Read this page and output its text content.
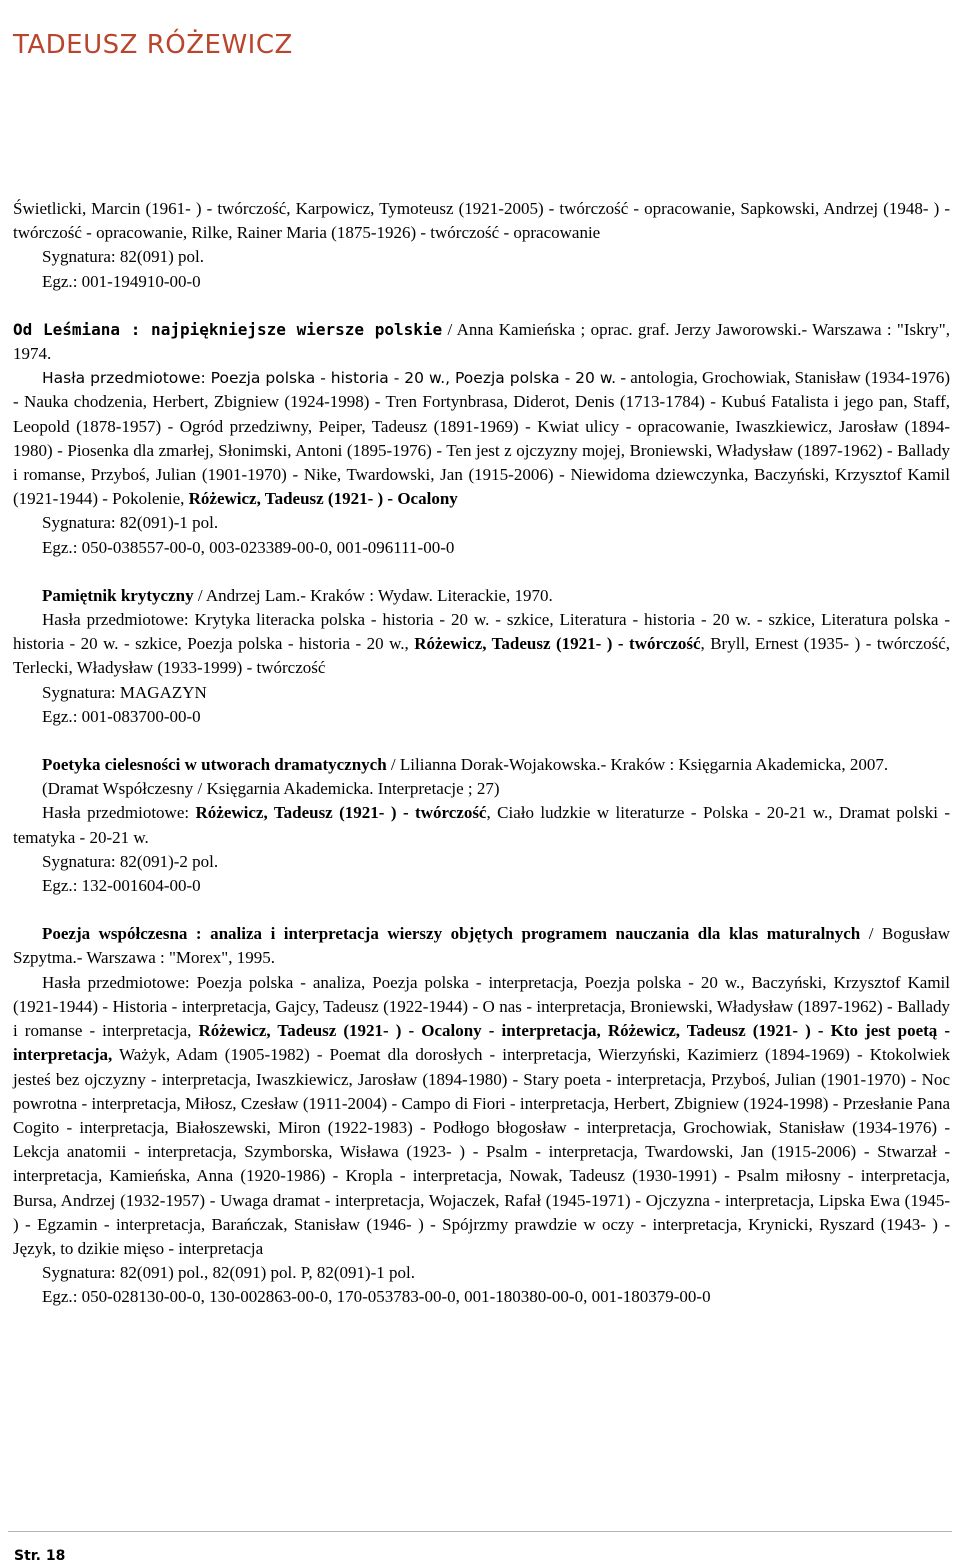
TADEUSZ RÓŻEWICZ

Świetlicki, Marcin (1961- ) - twórczość, Karpowicz, Tymoteusz (1921-2005) - twórczość - opracowanie, Sapkowski, Andrzej (1948- ) - twórczość - opracowanie, Rilke, Rainer Maria (1875-1926) - twórczość - opracowanie

Sygnatura: 82(091) pol.

Egz.: 001-194910-00-0

Od Leśmiana : najpiękniejsze wiersze polskie / Anna Kamieńska ; oprac. graf. Jerzy Jaworowski.- Warszawa : "Iskry", 1974.

Hasła przedmiotowe: Poezja polska - historia - 20 w., Poezja polska - 20 w. - antologia, Grochowiak, Stanisław (1934-1976) - Nauka chodzenia, Herbert, Zbigniew (1924-1998) - Tren Fortynbrasa, Diderot, Denis (1713-1784) - Kubuś Fatalista i jego pan, Staff, Leopold (1878-1957) - Ogród przedziwny, Peiper, Tadeusz (1891-1969) - Kwiat ulicy - opracowanie, Iwaszkiewicz, Jarosław (1894-1980) - Piosenka dla zmarłej, Słonimski, Antoni (1895-1976) - Ten jest z ojczyzny mojej, Broniewski, Władysław (1897-1962) - Ballady i romanse, Przyboś, Julian (1901-1970) - Nike, Twardowski, Jan (1915-2006) - Niewidoma dziewczynka, Baczyński, Krzysztof Kamil (1921-1944) - Pokolenie, Różewicz, Tadeusz (1921- ) - Ocalony

Sygnatura: 82(091)-1 pol.

Egz.: 050-038557-00-0, 003-023389-00-0, 001-096111-00-0

Pamiętnik krytyczny / Andrzej Lam.- Kraków : Wydaw. Literackie, 1970.

Hasła przedmiotowe: Krytyka literacka polska - historia - 20 w. - szkice, Literatura - historia - 20 w. - szkice, Literatura polska - historia - 20 w. - szkice, Poezja polska - historia - 20 w., Różewicz, Tadeusz (1921- ) - twórczość, Bryll, Ernest (1935- ) - twórczość, Terlecki, Władysław (1933-1999) - twórczość

Sygnatura: MAGAZYN

Egz.: 001-083700-00-0

Poetyka cielesności w utworach dramatycznych / Lilianna Dorak-Wojakowska.- Kraków : Księgarnia Akademicka, 2007.

(Dramat Współczesny / Księgarnia Akademicka. Interpretacje ; 27)

Hasła przedmiotowe: Różewicz, Tadeusz (1921- ) - twórczość, Ciało ludzkie w literaturze - Polska - 20-21 w., Dramat polski - tematyka - 20-21 w.

Sygnatura: 82(091)-2 pol.

Egz.: 132-001604-00-0

Poezja współczesna : analiza i interpretacja wierszy objętych programem nauczania dla klas maturalnych / Bogusław Szpytma.- Warszawa : "Morex", 1995.

Hasła przedmiotowe: Poezja polska - analiza, Poezja polska - interpretacja, Poezja polska - 20 w., Baczyński, Krzysztof Kamil (1921-1944) - Historia - interpretacja, Gajcy, Tadeusz (1922-1944) - O nas - interpretacja, Broniewski, Władysław (1897-1962) - Ballady i romanse - interpretacja, Różewicz, Tadeusz (1921- ) - Ocalony - interpretacja, Różewicz, Tadeusz (1921- ) - Kto jest poetą - interpretacja, Ważyk, Adam (1905-1982) - Poemat dla dorosłych - interpretacja, Wierzyński, Kazimierz (1894-1969) - Ktokolwiek jesteś bez ojczyzny - interpretacja, Iwaszkiewicz, Jarosław (1894-1980) - Stary poeta - interpretacja, Przyboś, Julian (1901-1970) - Noc powrotna - interpretacja, Miłosz, Czesław (1911-2004) - Campo di Fiori - interpretacja, Herbert, Zbigniew (1924-1998) - Przesłanie Pana Cogito - interpretacja, Białoszewski, Miron (1922-1983) - Podłogo błogosław - interpretacja, Grochowiak, Stanisław (1934-1976) - Lekcja anatomii - interpretacja, Szymborska, Wisława (1923- ) - Psalm - interpretacja, Twardowski, Jan (1915-2006) - Stwarzał - interpretacja, Kamieńska, Anna (1920-1986) - Kropla - interpretacja, Nowak, Tadeusz (1930-1991) - Psalm miłosny - interpretacja, Bursa, Andrzej (1932-1957) - Uwaga dramat - interpretacja, Wojaczek, Rafał (1945-1971) - Ojczyzna - interpretacja, Lipska Ewa (1945- ) - Egzamin - interpretacja, Barańczak, Stanisław (1946- ) - Spójrzmy prawdzie w oczy - interpretacja, Krynicki, Ryszard (1943- ) - Język, to dzikie mięso - interpretacja

Sygnatura: 82(091) pol., 82(091) pol. P, 82(091)-1 pol.

Egz.: 050-028130-00-0, 130-002863-00-0, 170-053783-00-0, 001-180380-00-0, 001-180379-00-0

Str. 18
